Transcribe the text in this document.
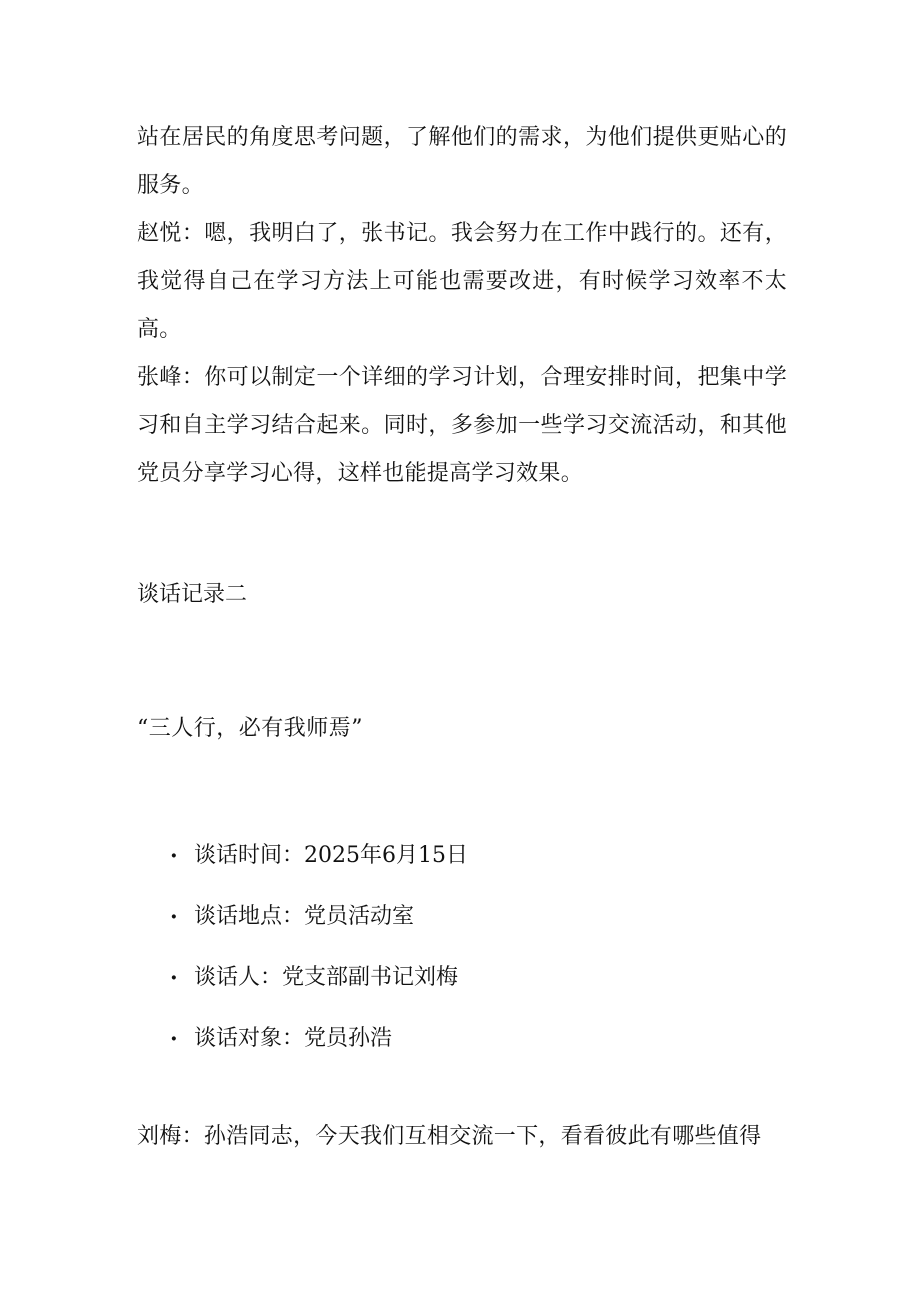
站在居民的角度思考问题，了解他们的需求，为他们提供更贴心的服务。

赵悦：嗯，我明白了，张书记。我会努力在工作中践行的。还有，我觉得自己在学习方法上可能也需要改进，有时候学习效率不太高。

张峰：你可以制定一个详细的学习计划，合理安排时间，把集中学习和自主学习结合起来。同时，多参加一些学习交流活动，和其他党员分享学习心得，这样也能提高学习效果。

谈话记录二

“三人行，必有我师焉”

· 谈话时间：2025年6月15日
· 谈话地点：党员活动室
· 谈话人：党支部副书记刘梅
· 谈话对象：党员孙浩

刘梅：孙浩同志，今天我们互相交流一下，看看彼此有哪些值得
